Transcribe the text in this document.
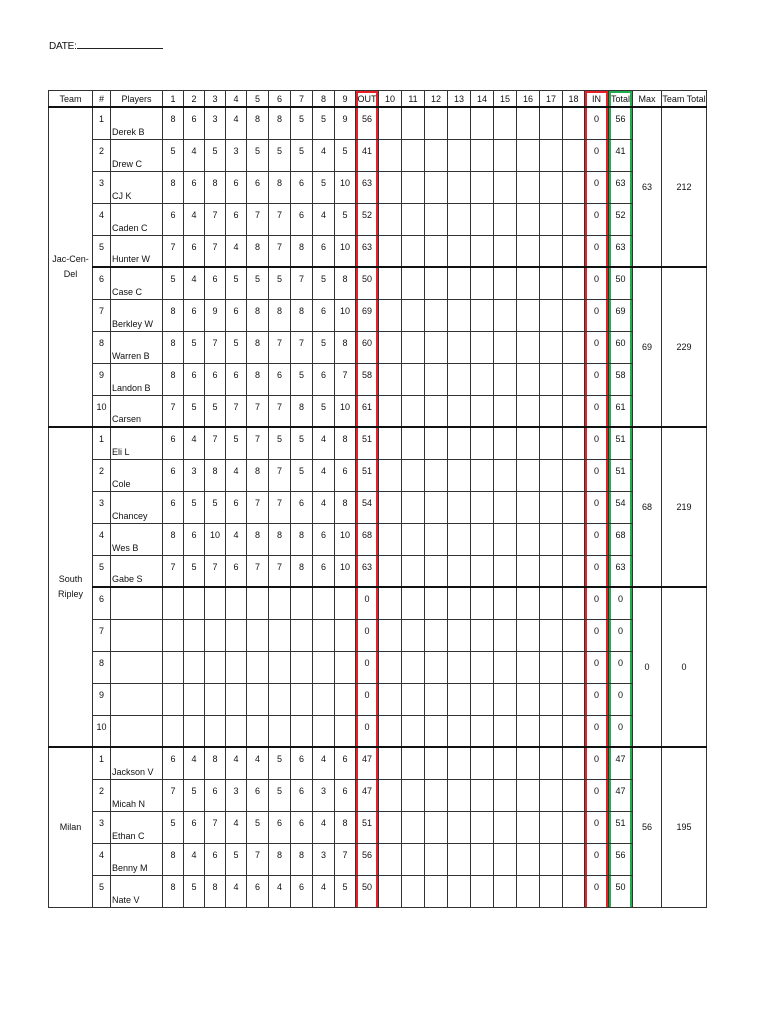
DATE:
Team	#	Players	1	2	3	4	5	6	7	8	9	OUT	10	11	12	13	14	15	16	17	18	IN	Total	Max	Team Total
Jac-Cen-Del	1	Derek B	8	6	3	4	8	8	5	5	9	56										0	56	63	212
	2	Drew C	5	4	5	3	5	5	5	4	5	41										0	41		
	3	CJ K	8	6	8	6	6	8	6	5	10	63										0	63		
	4	Caden C	6	4	7	6	7	7	6	4	5	52										0	52		
	5	Hunter W	7	6	7	4	8	7	8	6	10	63										0	63		
	6	Case C	5	4	6	5	5	5	7	5	8	50										0	50	69	229
	7	Berkley W	8	6	9	6	8	8	8	6	10	69										0	69		
	8	Warren B	8	5	7	5	8	7	7	5	8	60										0	60		
	9	Landon B	8	6	6	6	8	6	5	6	7	58										0	58		
	10	Carsen	7	5	5	7	7	7	8	5	10	61										0	61		
South Ripley	1	Eli L	6	4	7	5	7	5	5	4	8	51										0	51	68	219
	2	Cole	6	3	8	4	8	7	5	4	6	51										0	51		
	3	Chancey	6	5	5	6	7	7	6	4	8	54										0	54		
	4	Wes B	8	6	10	4	8	8	8	6	10	68										0	68		
	5	Gabe S	7	5	7	6	7	7	8	6	10	63										0	63		
	6											0										0	0	0	0
	7											0										0	0		
	8											0										0	0		
	9											0										0	0		
	10											0										0	0		
Milan	1	Jackson V	6	4	8	4	4	5	6	4	6	47										0	47	56	195
	2	Micah N	7	5	6	3	6	5	6	3	6	47										0	47		
	3	Ethan C	5	6	7	4	5	6	6	4	8	51										0	51		
	4	Benny M	8	4	6	5	7	8	8	3	7	56										0	56		
	5	Nate V	8	5	8	4	6	4	6	4	5	50										0	50		
